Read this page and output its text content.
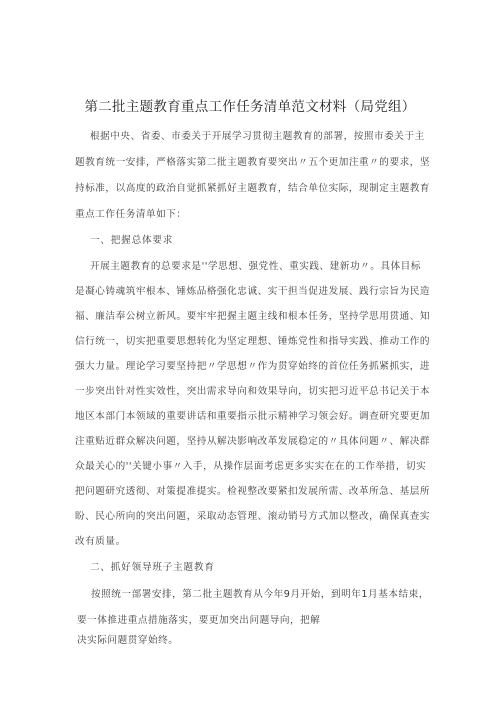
第二批主题教育重点工作任务清单范文材料（局党组）
根据中央、省委、市委关于开展学习贯彻主题教育的部署，按照市委关于主
题教育统一安排，严格落实第二批主题教育要突出〃五个更加注重〃的要求，坚
持标准，以高度的政治自觉抓紧抓好主题教育，结合单位实际，现制定主题教育
重点工作任务清单如下：
一、把握总体要求
开展主题教育的总要求是''学思想、强党性、重实践、建新功〃。具体目标
是凝心铸魂筑牢根本、锤炼品格强化忠诚、实干担当促进发展、践行宗旨为民造
福、廉洁奉公树立新风。要牢牢把握主题主线和根本任务，坚持学思用贯通、知
信行统一，切实把重要思想转化为坚定理想、锤炼党性和指导实践、推动工作的
强大力量。理论学习要坚持把〃学思想〃作为贯穿始终的首位任务抓紧抓实，进
一步突出针对性实效性，突出需求导向和效果导向，切实把习近平总书记关于本
地区本部门本领域的重要讲话和重要指示批示精神学习领会好。调查研究要更加
注重贴近群众解决问题，坚持从解决影响改革发展稳定的〃具体问题〃、解决群
众最关心的''关键小事〃入手，从操作层面考虑更多实实在在的工作举措，切实
把问题研究透彻、对策提准提实。检视整改要紧扣发展所需、改革所急、基层所
盼、民心所向的突出问题，采取动态管理、滚动销号方式加以整改，确保真查实
改有质量。
二、抓好领导班子主题教育
按照统一部署安排，第二批主题教育从今年9月开始，到明年1月基本结束，
要一体推进重点措施落实，要更加突出问题导向，把解
决实际问题贯穿始终。
